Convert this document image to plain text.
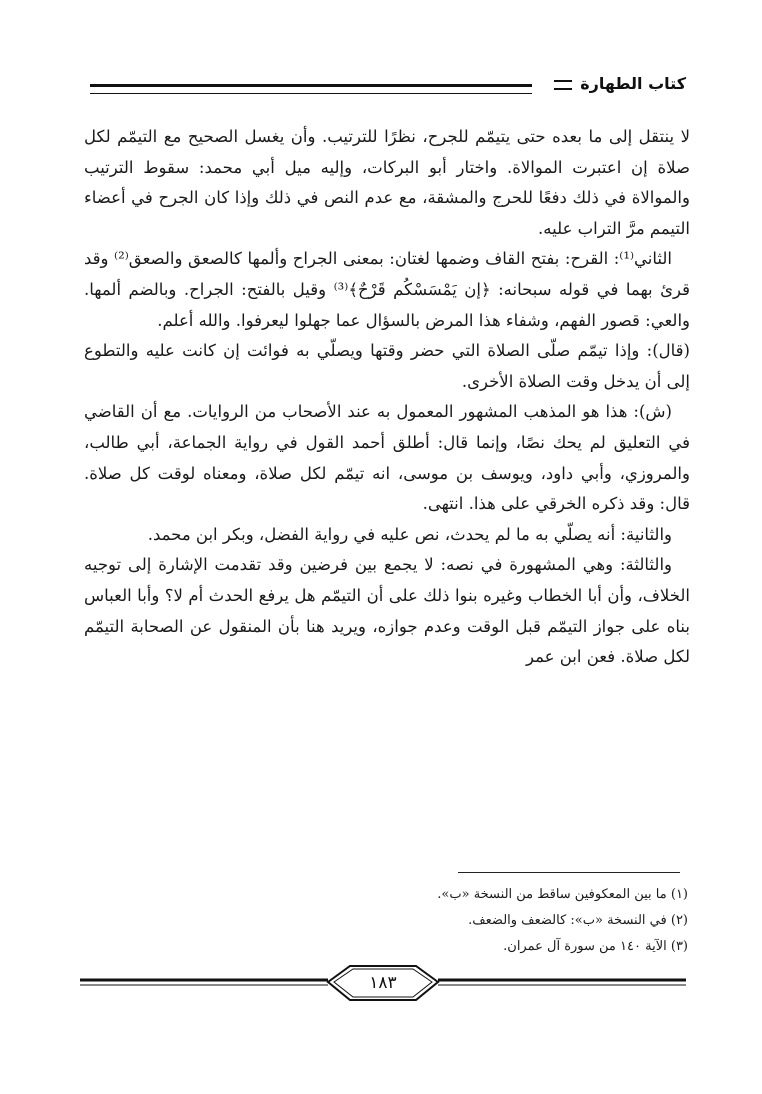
كتاب الطهارة

لا ينتقل إلى ما بعده حتى يتيمّم للجرح، نظرًا للترتيب. وأن يغسل الصحيح مع التيمّم لكل صلاة إن اعتبرت الموالاة. واختار أبو البركات، وإليه ميل أبي محمد: سقوط الترتيب والموالاة في ذلك دفعًا للحرج والمشقة، مع عدم النص في ذلك وإذا كان الجرح في أعضاء التيمم مرَّ التراب عليه.

الثاني⁽¹⁾: القرح: بفتح القاف وضمها لغتان: بمعنى الجراح وألمها كالصعق والصعق⁽²⁾ وقد قرئ بهما في قوله سبحانه: ﴿إن يَمْسَسْكُم قَرْحٌ﴾⁽³⁾ وقيل بالفتح: الجراح. وبالضم ألمها. والعي: قصور الفهم، وشفاء هذا المرض بالسؤال عما جهلوا ليعرفوا. والله أعلم.

(قال): وإذا تيمّم صلّى الصلاة التي حضر وقتها ويصلّي به فوائت إن كانت عليه والتطوع إلى أن يدخل وقت الصلاة الأخرى.

(ش): هذا هو المذهب المشهور المعمول به عند الأصحاب من الروايات. مع أن القاضي في التعليق لم يحك نصًا، وإنما قال: أطلق أحمد القول في رواية الجماعة، أبي طالب، والمروزي، وأبي داود، ويوسف بن موسى، انه تيمّم لكل صلاة، ومعناه لوقت كل صلاة. قال: وقد ذكره الخرقي على هذا. انتهى.

والثانية: أنه يصلّي به ما لم يحدث، نص عليه في رواية الفضل، وبكر ابن محمد.

والثالثة: وهي المشهورة في نصه: لا يجمع بين فرضين وقد تقدمت الإشارة إلى توجيه الخلاف، وأن أبا الخطاب وغيره بنوا ذلك على أن التيمّم هل يرفع الحدث أم لا؟ وأبا العباس بناه على جواز التيمّم قبل الوقت وعدم جوازه، ويريد هنا بأن المنقول عن الصحابة التيمّم لكل صلاة. فعن ابن عمر

(١) ما بين المعكوفين ساقط من النسخة «ب».
(٢) في النسخة «ب»: كالضعف والضعف.
(٣) الآية ١٤٠ من سورة آل عمران.
١٨٣
